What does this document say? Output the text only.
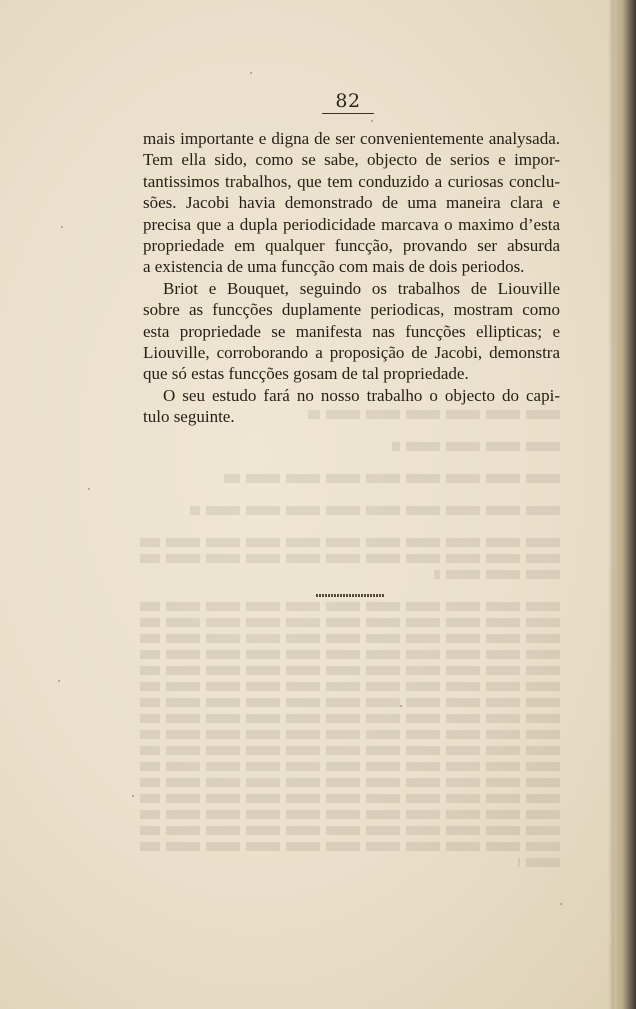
82
mais importante e digna de ser convenientemente analysada.
Tem ella sido, como se sabe, objecto de serios e impor-
tantissimos trabalhos, que tem conduzido a curiosas conclu-
sões. Jacobi havia demonstrado de uma maneira clara e
precisa que a dupla periodicidade marcava o maximo d’esta
propriedade em qualquer funcção, provando ser absurda
a existencia de uma funcção com mais de dois periodos.
Briot e Bouquet, seguindo os trabalhos de Liouville
sobre as funcções duplamente periodicas, mostram como
esta propriedade se manifesta nas funcções ellipticas; e
Liouville, corroborando a proposição de Jacobi, demonstra
que só estas funcções gosam de tal propriedade.
O seu estudo fará no nosso trabalho o objecto do capi-
tulo seguinte.
